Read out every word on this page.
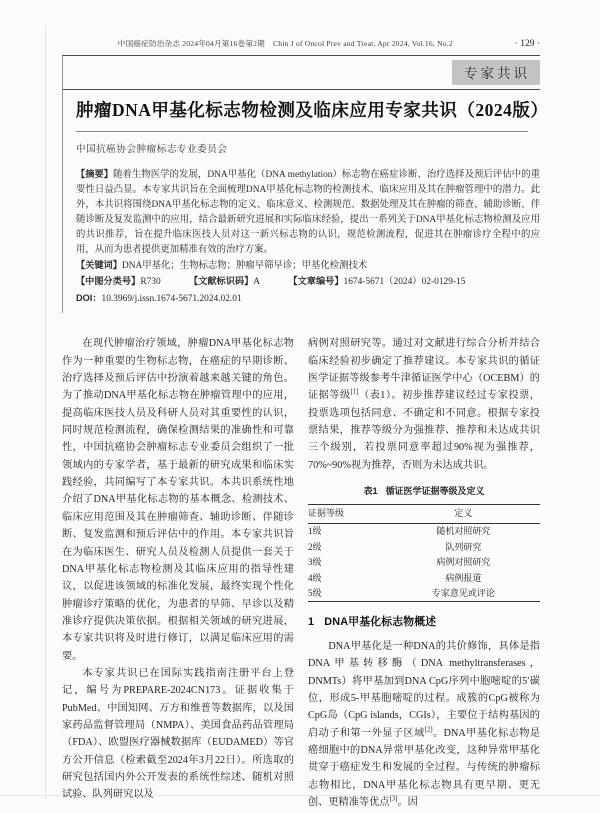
中国癌症防治杂志 2024年04月第16卷第2期 Chin J of Oncol Prev and Treat, Apr 2024, Vol.16, No.2	· 129 ·
专家共识
肿瘤DNA甲基化标志物检测及临床应用专家共识（2024版）
中国抗癌协会肿瘤标志专业委员会

【摘要】随着生物医学的发展，DNA甲基化（DNA methylation）标志物在癌症诊断、治疗选择及预后评估中的重要性日益凸显。本专家共识旨在全面梳理DNA甲基化标志物的检测技术、临床应用及其在肿瘤管理中的潜力。此外，本共识将围绕DNA甲基化标志物的定义、临床意义、检测规范、数据处理及其在肿瘤的筛查、辅助诊断、伴随诊断及复发监测中的应用，结合最新研究进展和实际临床经验，提出一系列关于DNA甲基化标志物检测及应用的共识推荐，旨在提升临床医技人员对这一新兴标志物的认识，规范检测流程，促进其在肿瘤诊疗全程中的应用，从而为患者提供更加精准有效的治疗方案。

【关键词】DNA甲基化；生物标志物；肿瘤早筛早诊；甲基化检测技术

【中图分类号】R730	【文献标识码】A	【文章编号】1674-5671（2024）02-0129-15

DOI：10.3969/j.issn.1674-5671.2024.02.01

在现代肿瘤治疗领域，肿瘤DNA甲基化标志物作为一种重要的生物标志物，在癌症的早期诊断、治疗选择及预后评估中扮演着越来越关键的角色。为了推动DNA甲基化标志物在肿瘤管理中的应用，提高临床医技人员及科研人员对其重要性的认识，同时规范检测流程，确保检测结果的准确性和可靠性，中国抗癌协会肿瘤标志专业委员会组织了一批领域内的专家学者，基于最新的研究成果和临床实践经验，共同编写了本专家共识。本共识系统性地介绍了DNA甲基化标志物的基本概念、检测技术、临床应用范围及其在肿瘤筛查、辅助诊断、伴随诊断、复发监测和预后评估中的作用。本专家共识旨在为临床医生、研究人员及检测人员提供一套关于DNA甲基化标志物检测及其临床应用的指导性建议，以促进该领域的标准化发展，最终实现个性化肿瘤诊疗策略的优化，为患者的早筛、早诊以及精准诊疗提供决策依据。根据相关领域的研究进展，本专家共识将及时进行修订，以满足临床应用的需要。

本专家共识已在国际实践指南注册平台上登记，编号为PREPARE-2024CN173。证据收集于PubMed、中国知网、万方和维普等数据库，以及国家药品监督管理局（NMPA）、美国食品药品管理局（FDA）、欧盟医疗器械数据库（EUDAMED）等官方公开信息（检索截至2024年3月22日）。所选取的研究包括国内外公开发表的系统性综述、随机对照试验、队列研究以及

病例对照研究等。通过对文献进行综合分析并结合临床经验初步确定了推荐建议。本专家共识的循证医学证据等级参考牛津循证医学中心（OCEBM）的证据等级[1]（表1）。初步推荐建议经过专家投票，投票选项包括同意、不确定和不同意。根据专家投票结果，推荐等级分为强推荐、推荐和未达成共识三个级别，若投票同意率超过90%视为强推荐，70%~90%视为推荐，否则为未达成共识。

表1 循证医学证据等级及定义
证据等级	定义
1级	随机对照研究
2级	队列研究
3级	病例对照研究
4级	病例报道
5级	专家意见或评论
1 DNA甲基化标志物概述

DNA甲基化是一种DNA的共价修饰，具体是指DNA甲基转移酶（DNA methyltransferases，DNMTs）将甲基加到DNA CpG序列中胞嘧啶的5′碳位，形成5-甲基胞嘧啶的过程。成簇的CpG被称为CpG岛（CpG islands，CGIs），主要位于结构基因的启动子和第一外显子区域[2]。DNA甲基化标志物是癌细胞中的DNA异常甲基化改变，这种异常甲基化贯穿于癌症发生和发展的全过程。与传统的肿瘤标志物相比，DNA甲基化标志物具有更早期、更无创、更精准等优点[3]。因
